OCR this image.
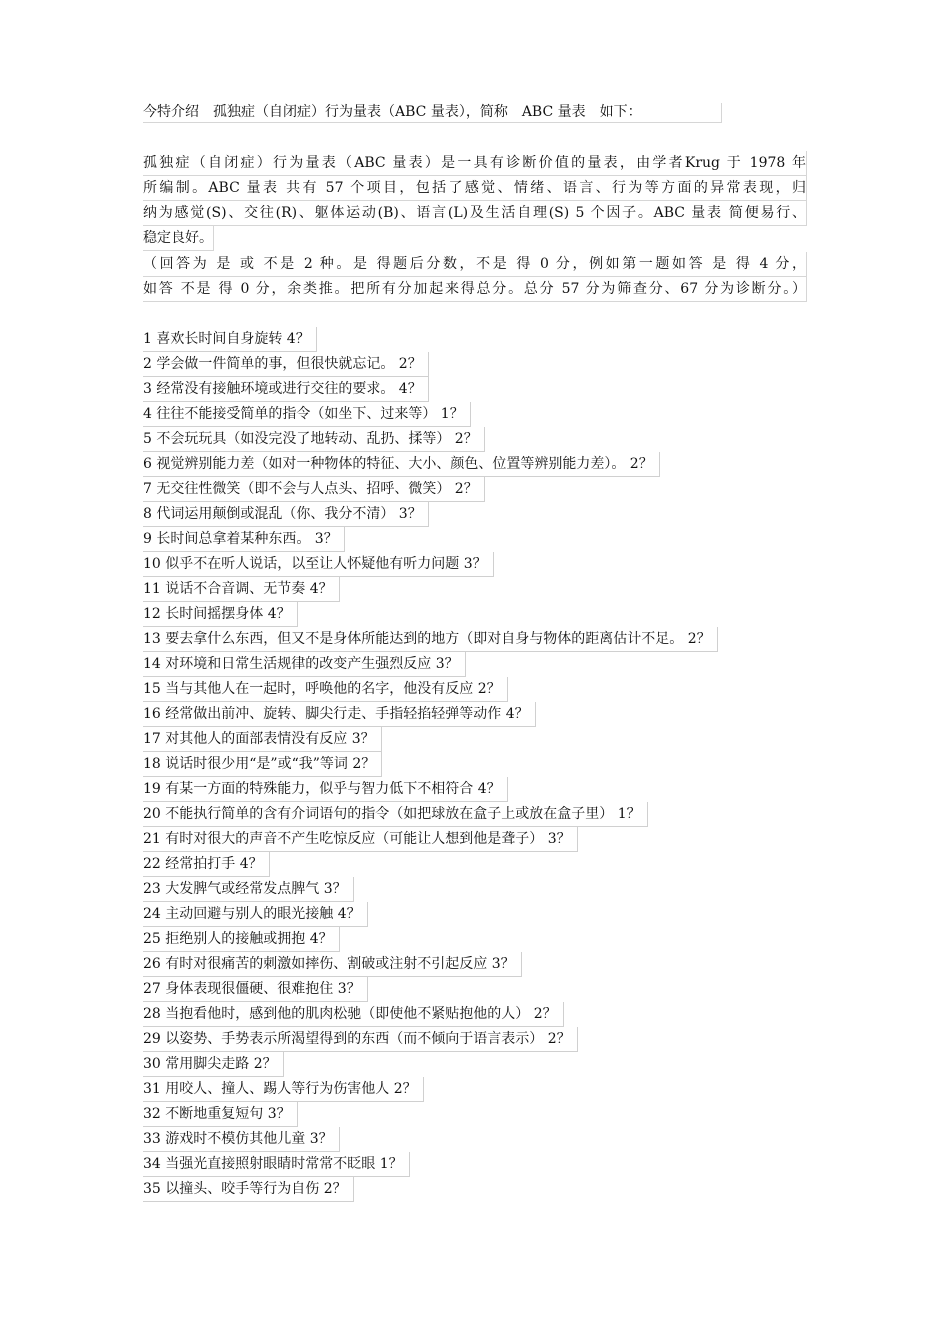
今特介绍　孤独症（自闭症）行为量表（ABC 量表），简称　ABC 量表　如下：
孤独症（自闭症）行为量表（ABC 量表）是一具有诊断价值的量表，由学者Krug 于 1978 年
所编制。ABC 量表 共有 57 个项目，包括了感觉、情绪、语言、行为等方面的异常表现，归
纳为感觉(S)、交往(R)、躯体运动(B)、语言(L)及生活自理(S) 5 个因子。ABC 量表 简便易行、
稳定良好。
（回答为 是 或 不是 2 种。是 得题后分数，不是 得 0 分，例如第一题如答 是 得 4 分，
如答 不是 得 0 分，余类推。把所有分加起来得总分。总分 57 分为筛查分、67 分为诊断分。）
1 喜欢长时间自身旋转 4？
2 学会做一件简单的事，但很快就忘记。 2？
3 经常没有接触环境或进行交往的要求。 4？
4 往往不能接受简单的指令（如坐下、过来等） 1？
5 不会玩玩具（如没完没了地转动、乱扔、揉等） 2？
6 视觉辨别能力差（如对一种物体的特征、大小、颜色、位置等辨别能力差）。 2？
7 无交往性微笑（即不会与人点头、招呼、微笑） 2？
8 代词运用颠倒或混乱（你、我分不清） 3？
9 长时间总拿着某种东西。 3？
10 似乎不在听人说话，以至让人怀疑他有听力问题 3？
11 说话不合音调、无节奏 4？
12 长时间摇摆身体 4？
13 要去拿什么东西，但又不是身体所能达到的地方（即对自身与物体的距离估计不足。 2？
14 对环境和日常生活规律的改变产生强烈反应 3？
15 当与其他人在一起时，呼唤他的名字，他没有反应 2？
16 经常做出前冲、旋转、脚尖行走、手指轻掐轻弹等动作 4？
17 对其他人的面部表情没有反应 3？
18 说话时很少用“是”或“我”等词 2？
19 有某一方面的特殊能力，似乎与智力低下不相符合 4？
20 不能执行简单的含有介词语句的指令（如把球放在盒子上或放在盒子里） 1？
21 有时对很大的声音不产生吃惊反应（可能让人想到他是聋子） 3？
22 经常拍打手 4？
23 大发脾气或经常发点脾气 3？
24 主动回避与别人的眼光接触 4？
25 拒绝别人的接触或拥抱 4？
26 有时对很痛苦的刺激如摔伤、割破或注射不引起反应 3？
27 身体表现很僵硬、很难抱住 3？
28 当抱看他时，感到他的肌肉松驰（即使他不紧贴抱他的人） 2？
29 以姿势、手势表示所渴望得到的东西（而不倾向于语言表示） 2？
30 常用脚尖走路 2？
31 用咬人、撞人、踢人等行为伤害他人 2？
32 不断地重复短句 3？
33 游戏时不模仿其他儿童 3？
34 当强光直接照射眼睛时常常不眨眼 1？
35 以撞头、咬手等行为自伤 2？
